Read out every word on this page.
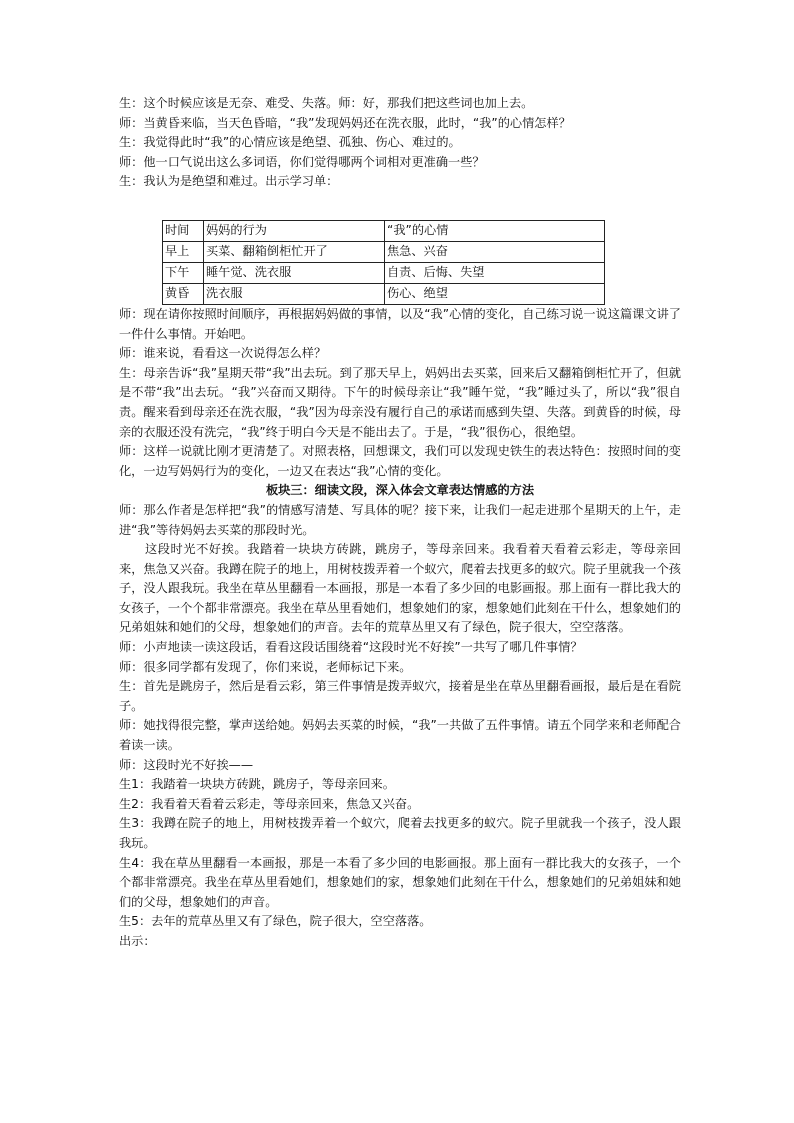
生：这个时候应该是无奈、难受、失落。师：好，那我们把这些词也加上去。

师：当黄昏来临，当天色昏暗，“我”发现妈妈还在洗衣服，此时，“我”的心情怎样？

生：我觉得此时“我”的心情应该是绝望、孤独、伤心、难过的。

师：他一口气说出这么多词语，你们觉得哪两个词相对更准确一些？

生：我认为是绝望和难过。出示学习单：

时间	妈妈的行为	“我”的心情
早上	买菜、翻箱倒柜忙开了	焦急、兴奋
下午	睡午觉、洗衣服	自责、后悔、失望
黄昏	洗衣服	伤心、绝望

师：现在请你按照时间顺序，再根据妈妈做的事情，以及“我”心情的变化，自己练习说一说这篇课文讲了一件什么事情。开始吧。

师：谁来说，看看这一次说得怎么样？

生：母亲告诉“我”星期天带“我”出去玩。到了那天早上，妈妈出去买菜，回来后又翻箱倒柜忙开了，但就是不带“我”出去玩。“我”兴奋而又期待。下午的时候母亲让“我”睡午觉，“我”睡过头了，所以“我”很自责。醒来看到母亲还在洗衣服，“我”因为母亲没有履行自己的承诺而感到失望、失落。到黄昏的时候，母亲的衣服还没有洗完，“我”终于明白今天是不能出去了。于是，“我”很伤心，很绝望。

师：这样一说就比刚才更清楚了。对照表格，回想课文，我们可以发现史铁生的表达特色：按照时间的变化，一边写妈妈行为的变化，一边又在表达“我”心情的变化。

板块三：细读文段，深入体会文章表达情感的方法

师：那么作者是怎样把“我”的情感写清楚、写具体的呢？接下来，让我们一起走进那个星期天的上午，走进“我”等待妈妈去买菜的那段时光。

这段时光不好挨。我踏着一块块方砖跳，跳房子，等母亲回来。我看着天看着云彩走，等母亲回来，焦急又兴奋。我蹲在院子的地上，用树枝拨弄着一个蚁穴，爬着去找更多的蚁穴。院子里就我一个孩子，没人跟我玩。我坐在草丛里翻看一本画报，那是一本看了多少回的电影画报。那上面有一群比我大的女孩子，一个个都非常漂亮。我坐在草丛里看她们，想象她们的家，想象她们此刻在干什么，想象她们的兄弟姐妹和她们的父母，想象她们的声音。去年的荒草丛里又有了绿色，院子很大，空空落落。

师：小声地读一读这段话，看看这段话围绕着“这段时光不好挨”一共写了哪几件事情？

师：很多同学都有发现了，你们来说，老师标记下来。

生：首先是跳房子，然后是看云彩，第三件事情是拨弄蚁穴，接着是坐在草丛里翻看画报，最后是在看院子。

师：她找得很完整，掌声送给她。妈妈去买菜的时候，“我”一共做了五件事情。请五个同学来和老师配合着读一读。

师：这段时光不好挨——

生1：我踏着一块块方砖跳，跳房子，等母亲回来。

生2：我看着天看着云彩走，等母亲回来，焦急又兴奋。

生3：我蹲在院子的地上，用树枝拨弄着一个蚁穴，爬着去找更多的蚁穴。院子里就我一个孩子，没人跟我玩。

生4：我在草丛里翻看一本画报，那是一本看了多少回的电影画报。那上面有一群比我大的女孩子，一个个都非常漂亮。我坐在草丛里看她们，想象她们的家，想象她们此刻在干什么，想象她们的兄弟姐妹和她们的父母，想象她们的声音。

生5：去年的荒草丛里又有了绿色，院子很大，空空落落。

出示：
